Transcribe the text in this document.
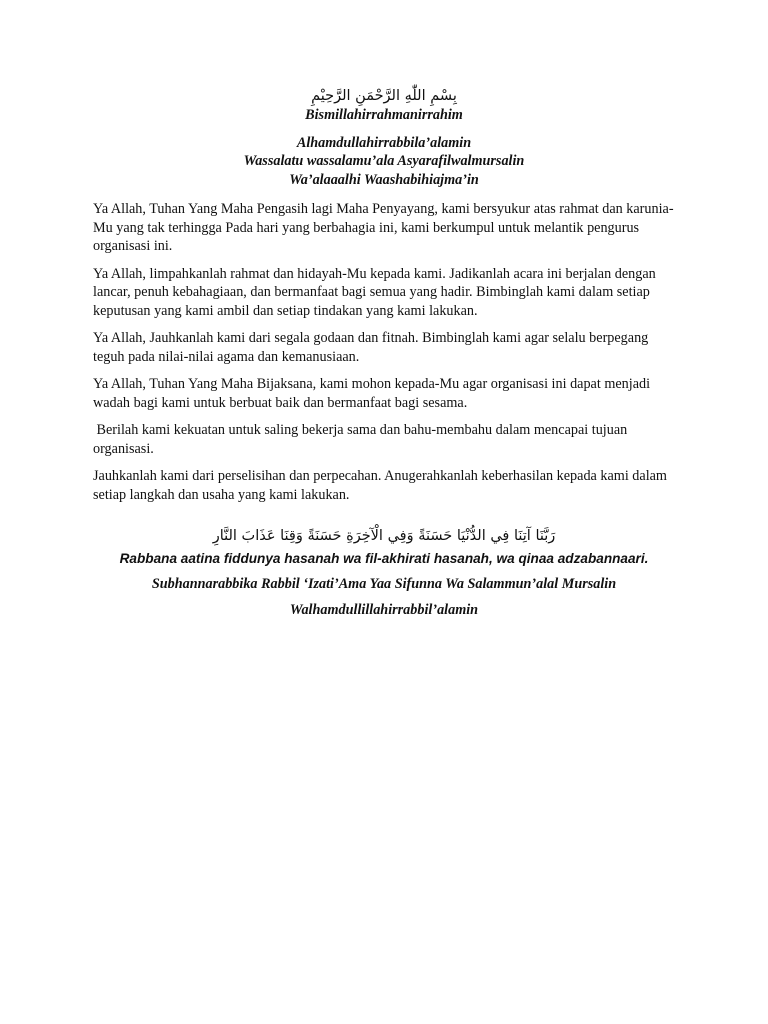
بِسْمِ اللّٰهِ الرَّحْمَنِ الرَّحِيْمِ

Bismillahirrahmanirrahim

Alhamdullahirrabbila’alamin

Wassalatu wassalamu’ala Asyarafilwalmursalin

Wa’alaaalhi Waashabihiajma’in

Ya Allah, Tuhan Yang Maha Pengasih lagi Maha Penyayang, kami bersyukur atas rahmat dan karunia-Mu yang tak terhingga Pada hari yang berbahagia ini, kami berkumpul untuk melantik pengurus organisasi ini.

Ya Allah, limpahkanlah rahmat dan hidayah-Mu kepada kami. Jadikanlah acara ini berjalan dengan lancar, penuh kebahagiaan, dan bermanfaat bagi semua yang hadir. Bimbinglah kami dalam setiap keputusan yang kami ambil dan setiap tindakan yang kami lakukan.

Ya Allah, Jauhkanlah kami dari segala godaan dan fitnah. Bimbinglah kami agar selalu berpegang teguh pada nilai-nilai agama dan kemanusiaan.

Ya Allah, Tuhan Yang Maha Bijaksana, kami mohon kepada-Mu agar organisasi ini dapat menjadi wadah bagi kami untuk berbuat baik dan bermanfaat bagi sesama.

Berilah kami kekuatan untuk saling bekerja sama dan bahu-membahu dalam mencapai tujuan organisasi.

Jauhkanlah kami dari perselisihan dan perpecahan. Anugerahkanlah keberhasilan kepada kami dalam setiap langkah dan usaha yang kami lakukan.

رَبَّنَا آتِنَا فِي الدُّنْيَا حَسَنَةً وَفِي الْآخِرَةِ حَسَنَةً وَقِنَا عَذَابَ النَّارِ

Rabbana aatina fiddunya hasanah wa fil-akhirati hasanah, wa qinaa adzabannaari.

Subhannarabbika Rabbil ‘Izati’Ama Yaa Sifunna Wa Salammun’alal Mursalin

Walhamdullillahirrabbil’alamin
